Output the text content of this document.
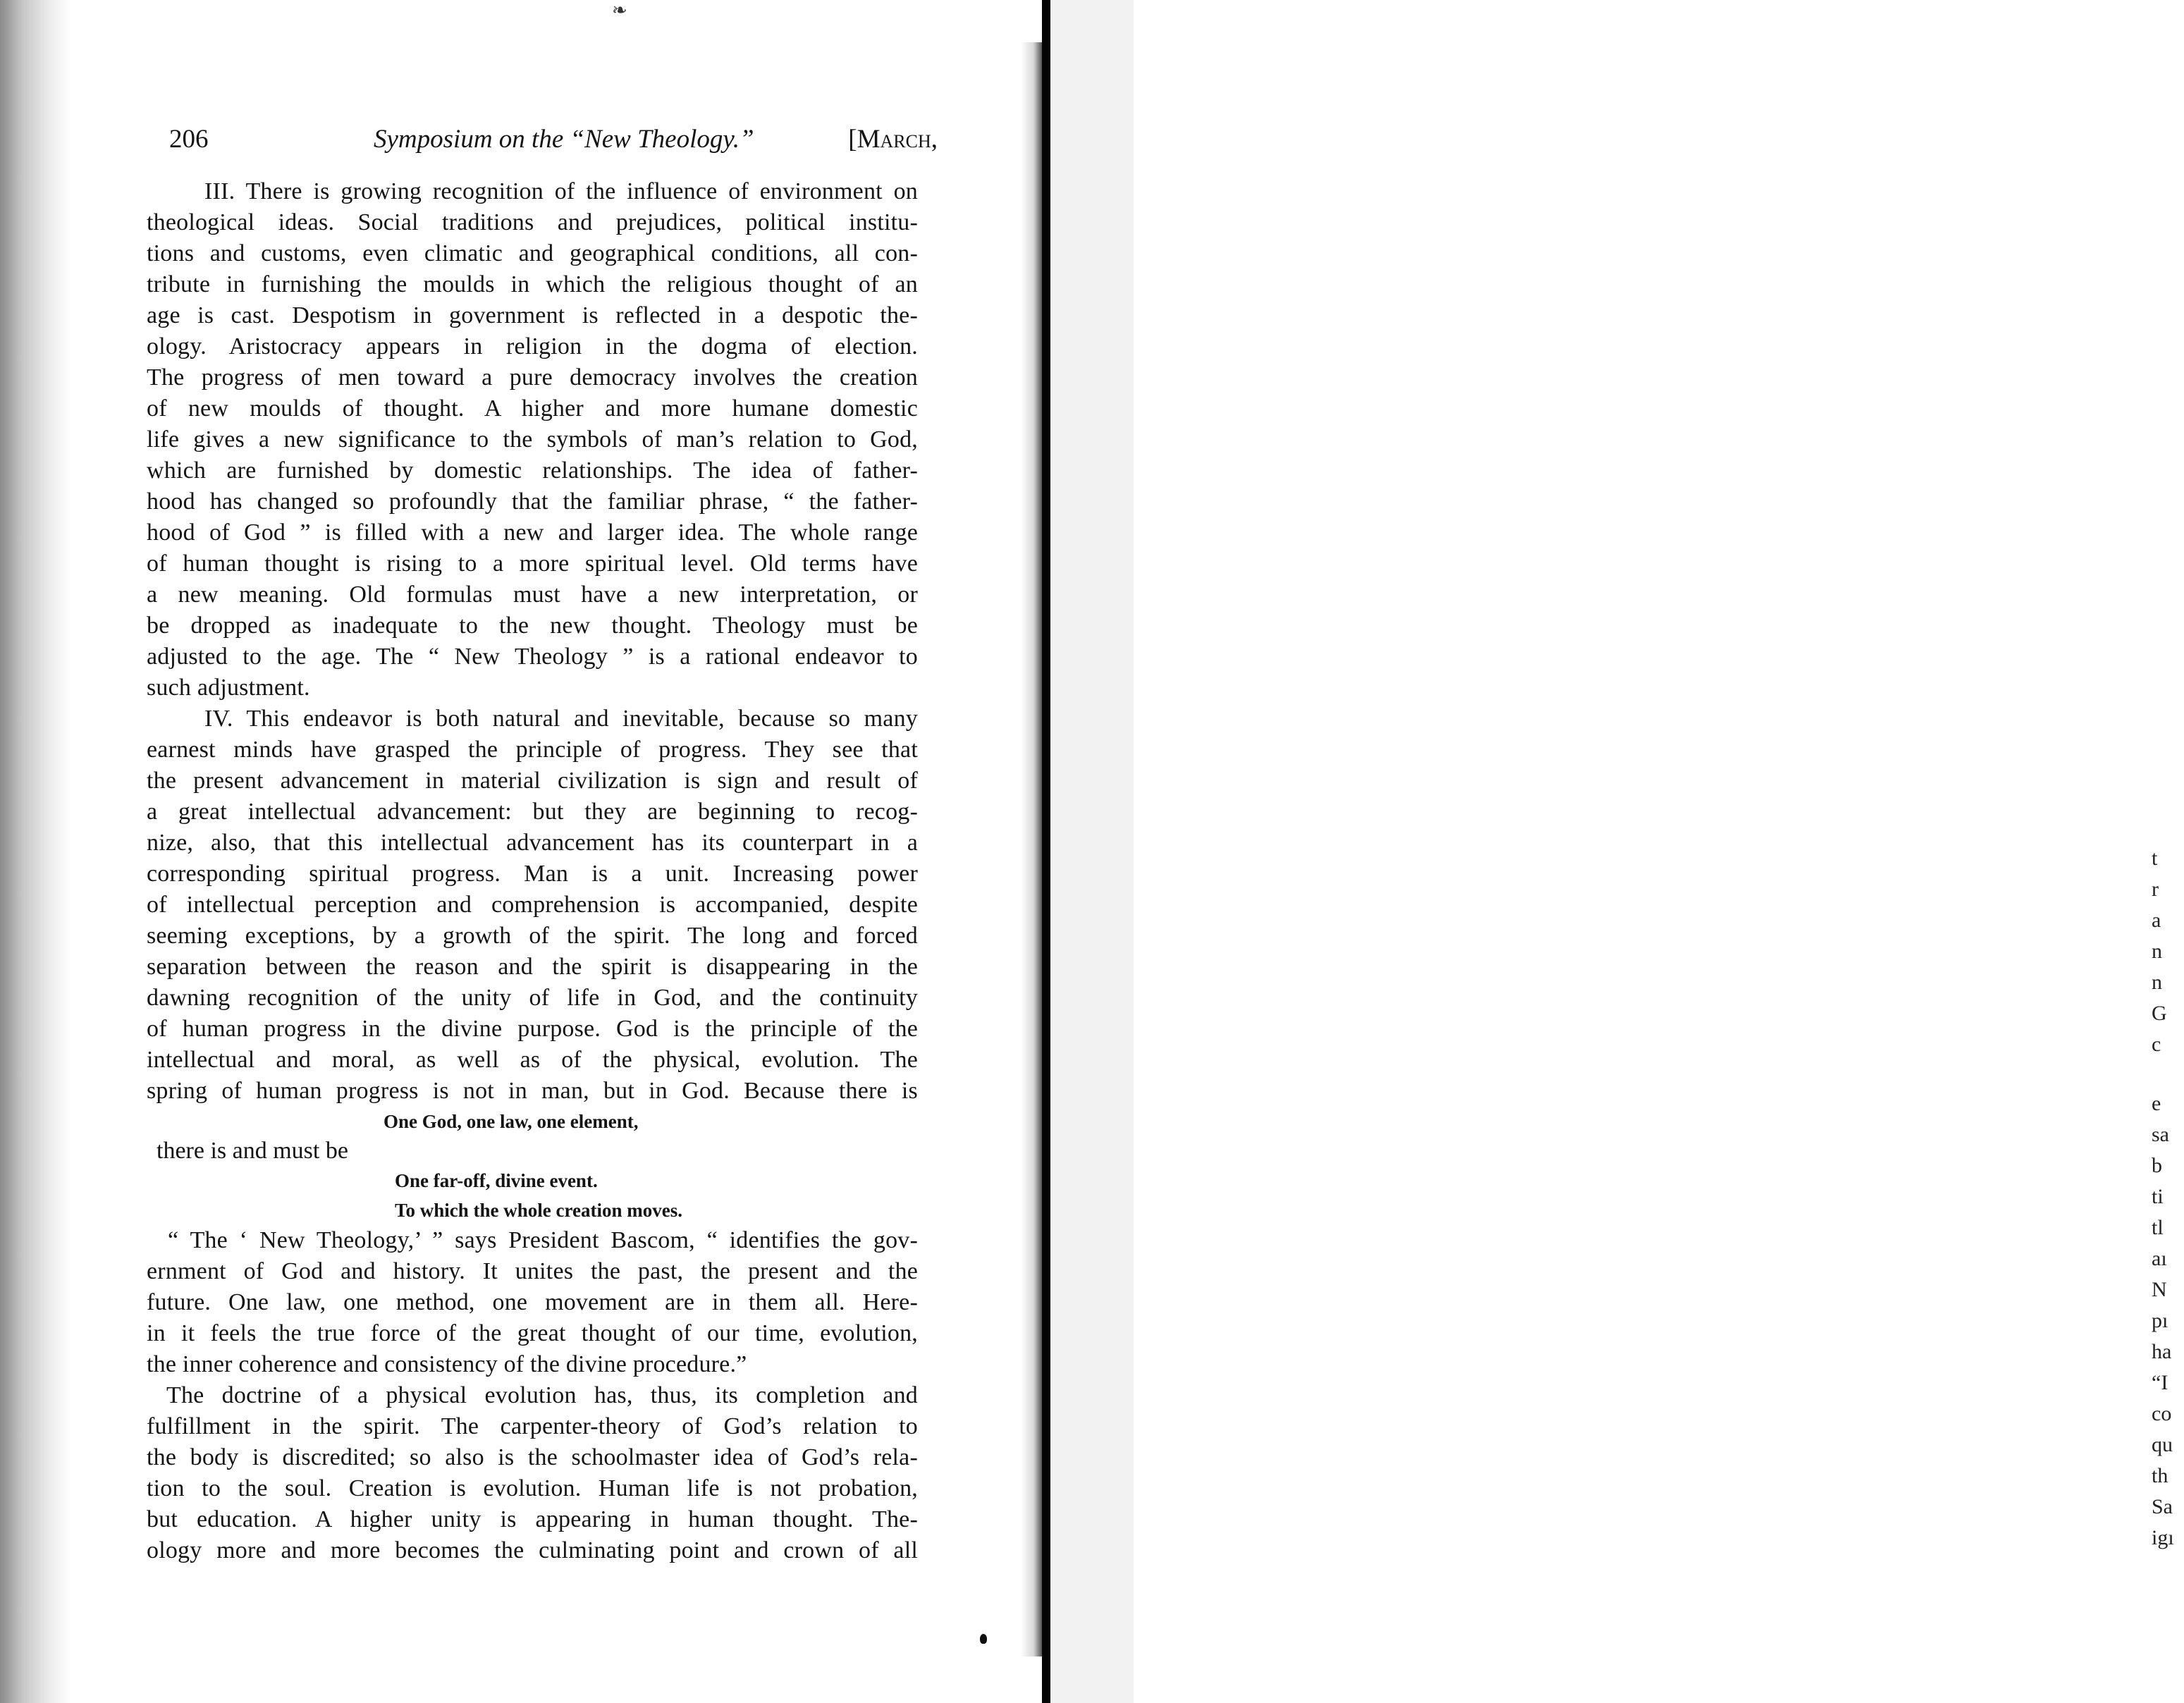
t
r
a
n
n
G
c
e
sa
b
ti
tl
aı
N
pı
ha
“I
co
qu
th
Sa
igı
❧
206	Symposium on the “New Theology.”	[March,
III. There is growing recognition of the influence of environment on
theological ideas. Social traditions and prejudices, political institu-
tions and customs, even climatic and geographical conditions, all con-
tribute in furnishing the moulds in which the religious thought of an
age is cast. Despotism in government is reflected in a despotic the-
ology. Aristocracy appears in religion in the dogma of election.
The progress of men toward a pure democracy involves the creation
of new moulds of thought. A higher and more humane domestic
life gives a new significance to the symbols of man’s relation to God,
which are furnished by domestic relationships. The idea of father-
hood has changed so profoundly that the familiar phrase, “ the father-
hood of God ” is filled with a new and larger idea. The whole range
of human thought is rising to a more spiritual level. Old terms have
a new meaning. Old formulas must have a new interpretation, or
be dropped as inadequate to the new thought. Theology must be
adjusted to the age. The “ New Theology ” is a rational endeavor to
such adjustment.
IV. This endeavor is both natural and inevitable, because so many
earnest minds have grasped the principle of progress. They see that
the present advancement in material civilization is sign and result of
a great intellectual advancement: but they are beginning to recog-
nize, also, that this intellectual advancement has its counterpart in a
corresponding spiritual progress. Man is a unit. Increasing power
of intellectual perception and comprehension is accompanied, despite
seeming exceptions, by a growth of the spirit. The long and forced
separation between the reason and the spirit is disappearing in the
dawning recognition of the unity of life in God, and the continuity
of human progress in the divine purpose. God is the principle of the
intellectual and moral, as well as of the physical, evolution. The
spring of human progress is not in man, but in God. Because there is
One God, one law, one element,
there is and must be
One far-off, divine event.
To which the whole creation moves.
“ The ‘ New Theology,’ ” says President Bascom, “ identifies the gov-
ernment of God and history. It unites the past, the present and the
future. One law, one method, one movement are in them all. Here-
in it feels the true force of the great thought of our time, evolution,
the inner coherence and consistency of the divine procedure.”
The doctrine of a physical evolution has, thus, its completion and
fulfillment in the spirit. The carpenter-theory of God’s relation to
the body is discredited; so also is the schoolmaster idea of God’s rela-
tion to the soul. Creation is evolution. Human life is not probation,
but education. A higher unity is appearing in human thought. The-
ology more and more becomes the culminating point and crown of all
